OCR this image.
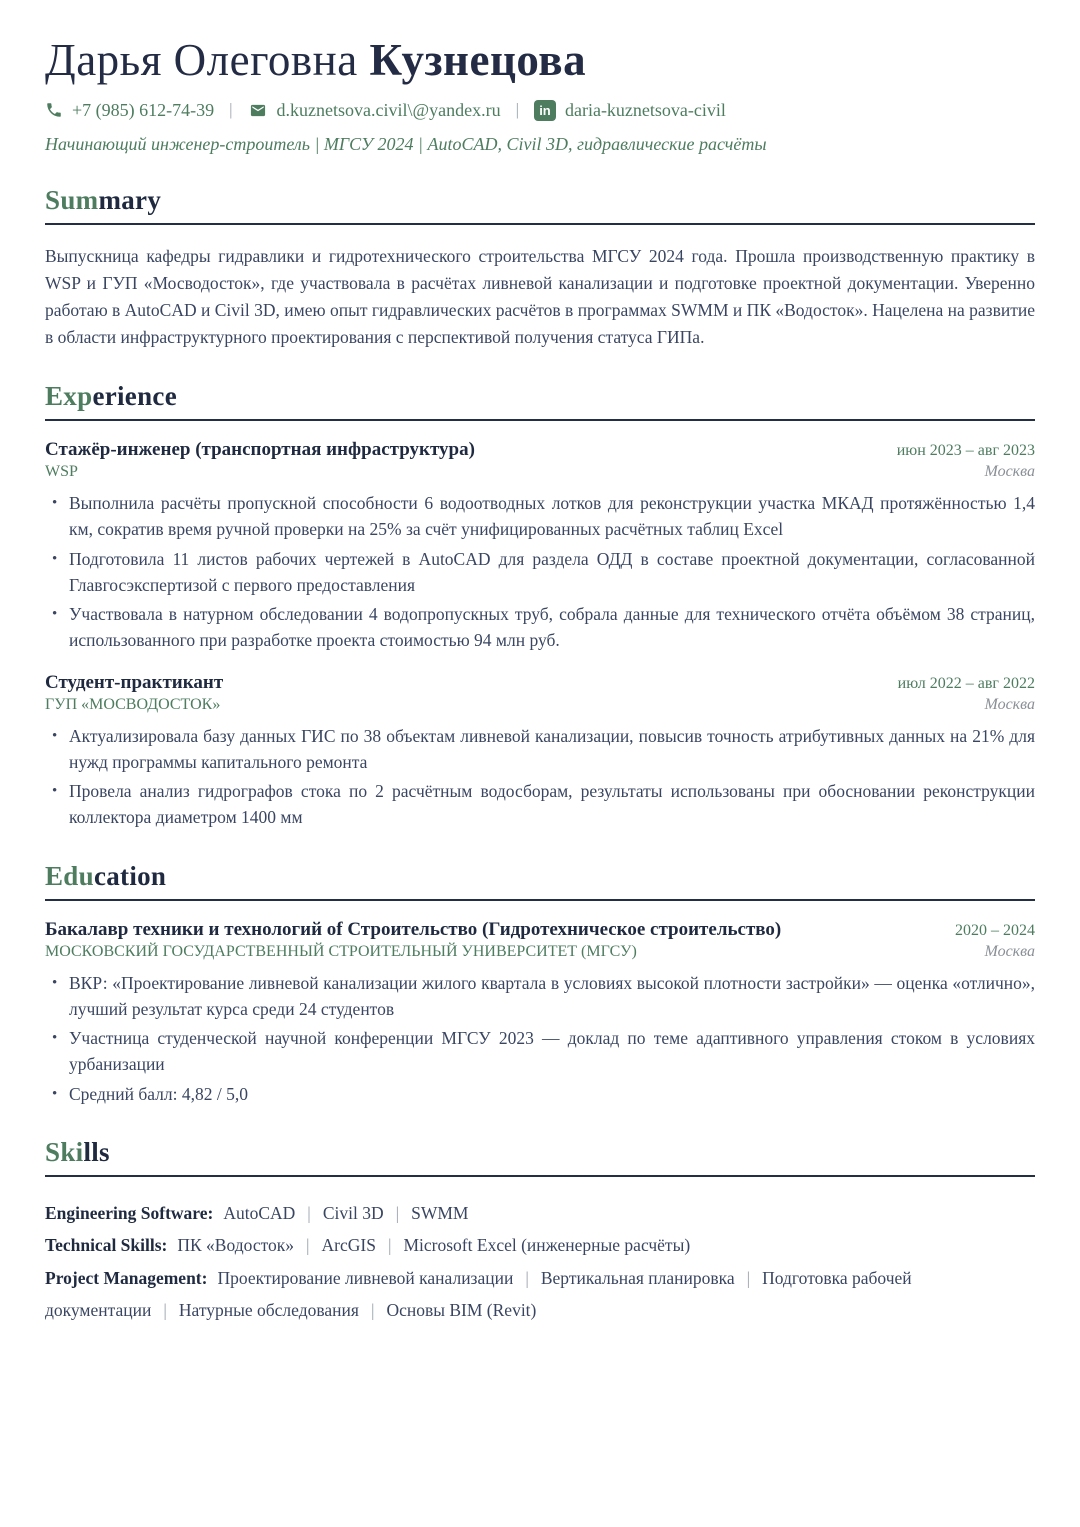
Дарья Олеговна Кузнецова
+7 (985) 612-74-39 | d.kuznetsova.civil\@yandex.ru | in daria-kuznetsova-civil
Начинающий инженер-строитель | МГСУ 2024 | AutoCAD, Civil 3D, гидравлические расчёты
Summary

Выпускница кафедры гидравлики и гидротехнического строительства МГСУ 2024 года. Прошла производственную практику в WSP и ГУП «Мосводосток», где участвовала в расчётах ливневой канализации и подготовке проектной документации. Уверенно работаю в AutoCAD и Civil 3D, имею опыт гидравлических расчётов в программах SWMM и ПК «Водосток». Нацелена на развитие в области инфраструктурного проектирования с перспективой получения статуса ГИПа.

Experience
Стажёр-инженер (транспортная инфраструктура)	июн 2023 – авг 2023
WSP	Москва
• Выполнила расчёты пропускной способности 6 водоотводных лотков для реконструкции участка МКАД протяжённостью 1,4 км, сократив время ручной проверки на 25% за счёт унифицированных расчётных таблиц Excel
• Подготовила 11 листов рабочих чертежей в AutoCAD для раздела ОДД в составе проектной документации, согласованной Главгосэкспертизой с первого предоставления
• Участвовала в натурном обследовании 4 водопропускных труб, собрала данные для технического отчёта объёмом 38 страниц, использованного при разработке проекта стоимостью 94 млн руб.
Студент-практикант	июл 2022 – авг 2022
ГУП «МОСВОДОСТОК»	Москва
• Актуализировала базу данных ГИС по 38 объектам ливневой канализации, повысив точность атрибутивных данных на 21% для нужд программы капитального ремонта
• Провела анализ гидрографов стока по 2 расчётным водосборам, результаты использованы при обосновании реконструкции коллектора диаметром 1400 мм
Education
Бакалавр техники и технологий of Строительство (Гидротехническое строительство)	2020 – 2024
МОСКОВСКИЙ ГОСУДАРСТВЕННЫЙ СТРОИТЕЛЬНЫЙ УНИВЕРСИТЕТ (МГСУ)	Москва
• ВКР: «Проектирование ливневой канализации жилого квартала в условиях высокой плотности застройки» — оценка «отлично», лучший результат курса среди 24 студентов
• Участница студенческой научной конференции МГСУ 2023 — доклад по теме адаптивного управления стоком в условиях урбанизации
• Средний балл: 4,82 / 5,0
Skills
Engineering Software: AutoCAD | Civil 3D | SWMM
Technical Skills: ПК «Водосток» | ArcGIS | Microsoft Excel (инженерные расчёты)
Project Management: Проектирование ливневой канализации | Вертикальная планировка | Подготовка рабочей документации | Натурные обследования | Основы BIM (Revit)
